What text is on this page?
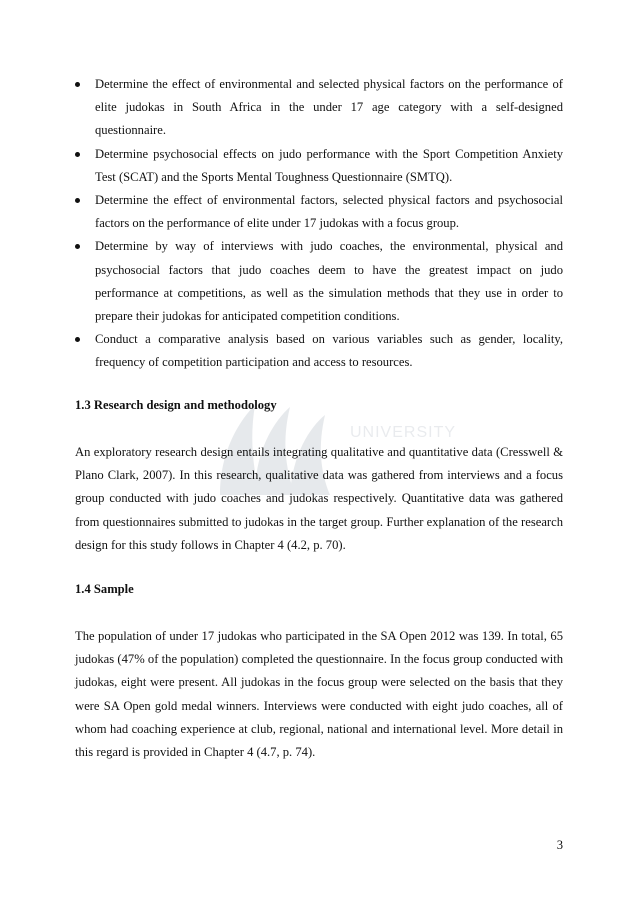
UNIVERSITY
Determine the effect of environmental and selected physical factors on the performance of elite judokas in South Africa in the under 17 age category with a self-designed questionnaire.
Determine psychosocial effects on judo performance with the Sport Competition Anxiety Test (SCAT) and the Sports Mental Toughness Questionnaire (SMTQ).
Determine the effect of environmental factors, selected physical factors and psychosocial factors on the performance of elite under 17 judokas with a focus group.
Determine by way of interviews with judo coaches, the environmental, physical and psychosocial factors that judo coaches deem to have the greatest impact on judo performance at competitions, as well as the simulation methods that they use in order to prepare their judokas for anticipated competition conditions.
Conduct a comparative analysis based on various variables such as gender, locality, frequency of competition participation and access to resources.
1.3 Research design and methodology

An exploratory research design entails integrating qualitative and quantitative data (Cresswell & Plano Clark, 2007). In this research, qualitative data was gathered from interviews and a focus group conducted with judo coaches and judokas respectively. Quantitative data was gathered from questionnaires submitted to judokas in the target group. Further explanation of the research design for this study follows in Chapter 4 (4.2, p. 70).

1.4 Sample

The population of under 17 judokas who participated in the SA Open 2012 was 139. In total, 65 judokas (47% of the population) completed the questionnaire. In the focus group conducted with judokas, eight were present. All judokas in the focus group were selected on the basis that they were SA Open gold medal winners. Interviews were conducted with eight judo coaches, all of whom had coaching experience at club, regional, national and international level. More detail in this regard is provided in Chapter 4 (4.7, p. 74).

3
